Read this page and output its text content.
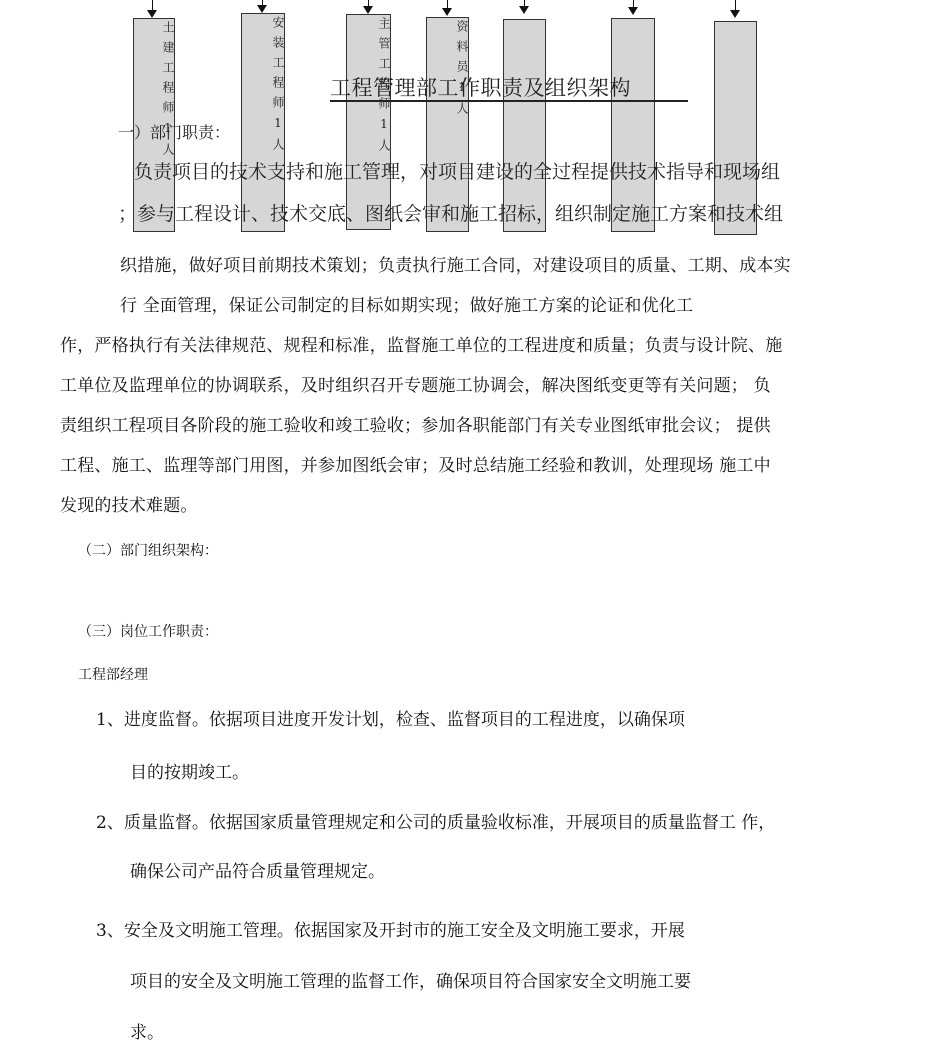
土建工程师1人	安装工程师1人	主管工程师1人	资料员1人
工程管理部工作职责及组织架构
一）部门职责：
负责项目的技术支持和施工管理，对项目建设的全过程提供技术指导和现场组
；参与工程设计、技术交底、图纸会审和施工招标，组织制定施工方案和技术组
织措施，做好项目前期技术策划；负责执行施工合同，对建设项目的质量、工期、成本实
行 全面管理，保证公司制定的目标如期实现；做好施工方案的论证和优化工
作，严格执行有关法律规范、规程和标准，监督施工单位的工程进度和质量；负责与设计院、施
工单位及监理单位的协调联系，及时组织召开专题施工协调会，解决图纸变更等有关问题； 负
责组织工程项目各阶段的施工验收和竣工验收；参加各职能部门有关专业图纸审批会议； 提供
工程、施工、监理等部门用图，并参加图纸会审；及时总结施工经验和教训，处理现场 施工中
发现的技术难题。
（二）部门组织架构：
（三）岗位工作职责：
工程部经理
1、进度监督。依据项目进度开发计划，检查、监督项目的工程进度，以确保项
目的按期竣工。
2、质量监督。依据国家质量管理规定和公司的质量验收标准，开展项目的质量监督工 作，
确保公司产品符合质量管理规定。
3、安全及文明施工管理。依据国家及开封市的施工安全及文明施工要求，开展
项目的安全及文明施工管理的监督工作，确保项目符合国家安全文明施工要
求。
